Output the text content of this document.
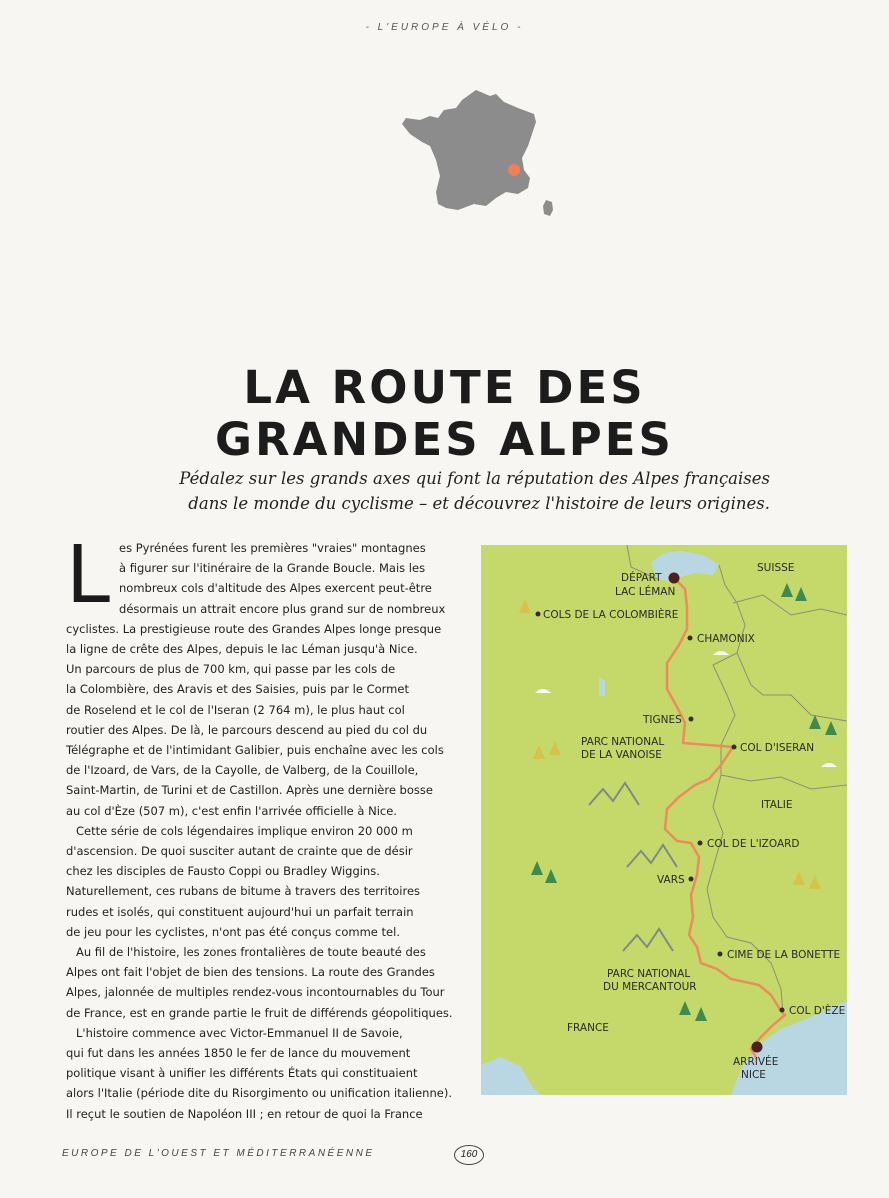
- L'EUROPE À VÉLO -
LA ROUTE DES
GRANDES ALPES
Pédalez sur les grands axes qui font la réputation des Alpes françaises
dans le monde du cyclisme – et découvrez l'histoire de leurs origines.
L es Pyrénées furent les premières "vraies" montagnes

à figurer sur l'itinéraire de la Grande Boucle. Mais les

nombreux cols d'altitude des Alpes exercent peut-être

désormais un attrait encore plus grand sur de nombreux

cyclistes. La prestigieuse route des Grandes Alpes longe presque

la ligne de crête des Alpes, depuis le lac Léman jusqu'à Nice.

Un parcours de plus de 700 km, qui passe par les cols de

la Colombière, des Aravis et des Saisies, puis par le Cormet

de Roselend et le col de l'Iseran (2 764 m), le plus haut col

routier des Alpes. De là, le parcours descend au pied du col du

Télégraphe et de l'intimidant Galibier, puis enchaîne avec les cols

de l'Izoard, de Vars, de la Cayolle, de Valberg, de la Couillole,

Saint-Martin, de Turini et de Castillon. Après une dernière bosse

au col d'Èze (507 m), c'est enfin l'arrivée officielle à Nice.

Cette série de cols légendaires implique environ 20 000 m

d'ascension. De quoi susciter autant de crainte que de désir

chez les disciples de Fausto Coppi ou Bradley Wiggins.

Naturellement, ces rubans de bitume à travers des territoires

rudes et isolés, qui constituent aujourd'hui un parfait terrain

de jeu pour les cyclistes, n'ont pas été conçus comme tel.

Au fil de l'histoire, les zones frontalières de toute beauté des

Alpes ont fait l'objet de bien des tensions. La route des Grandes

Alpes, jalonnée de multiples rendez-vous incontournables du Tour

de France, est en grande partie le fruit de différends géopolitiques.

L'histoire commence avec Victor-Emmanuel II de Savoie,

qui fut dans les années 1850 le fer de lance du mouvement

politique visant à unifier les différents États qui constituaient

alors l'Italie (période dite du Risorgimento ou unification italienne).

Il reçut le soutien de Napoléon III ; en retour de quoi la France

DÉPART
LAC LÉMAN
SUISSE
COLS DE LA COLOMBIÈRE
CHAMONIX
TIGNES
PARC NATIONAL
DE LA VANOISE
COL D'ISERAN
ITALIE
COL DE L'IZOARD
VARS
CIME DE LA BONETTE
PARC NATIONAL
DU MERCANTOUR
COL D'ÈZE
FRANCE
ARRIVÉE
NICE
EUROPE DE L'OUEST ET MÉDITERRANÉENNE	160
